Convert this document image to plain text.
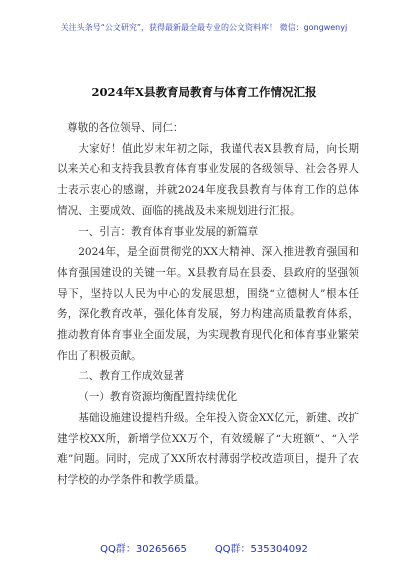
关注头条号“公文研究”，获得最新最全最专业的公文资料库！ 微信：gongwenyj
2024年X县教育局教育与体育工作情况汇报

尊敬的各位领导、同仁：

大家好！值此岁末年初之际，我谨代表X县教育局，向长期以来关心和支持我县教育体育事业发展的各级领导、社会各界人士表示衷心的感谢，并就2024年度我县教育与体育工作的总体情况、主要成效、面临的挑战及未来规划进行汇报。

一、引言：教育体育事业发展的新篇章

2024年，是全面贯彻党的XX大精神、深入推进教育强国和体育强国建设的关键一年。X县教育局在县委、县政府的坚强领导下，坚持以人民为中心的发展思想，围绕“立德树人”根本任务，深化教育改革，强化体育发展，努力构建高质量教育体系，推动教育体育事业全面发展，为实现教育现代化和体育事业繁荣作出了积极贡献。

二、教育工作成效显著

（一）教育资源均衡配置持续优化

基础设施建设提档升级。全年投入资金XX亿元，新建、改扩建学校XX所，新增学位XX万个，有效缓解了“大班额”、“入学难”问题。同时，完成了XX所农村薄弱学校改造项目，提升了农村学校的办学条件和教学质量。

QQ群：30265665	QQ群：535304092
